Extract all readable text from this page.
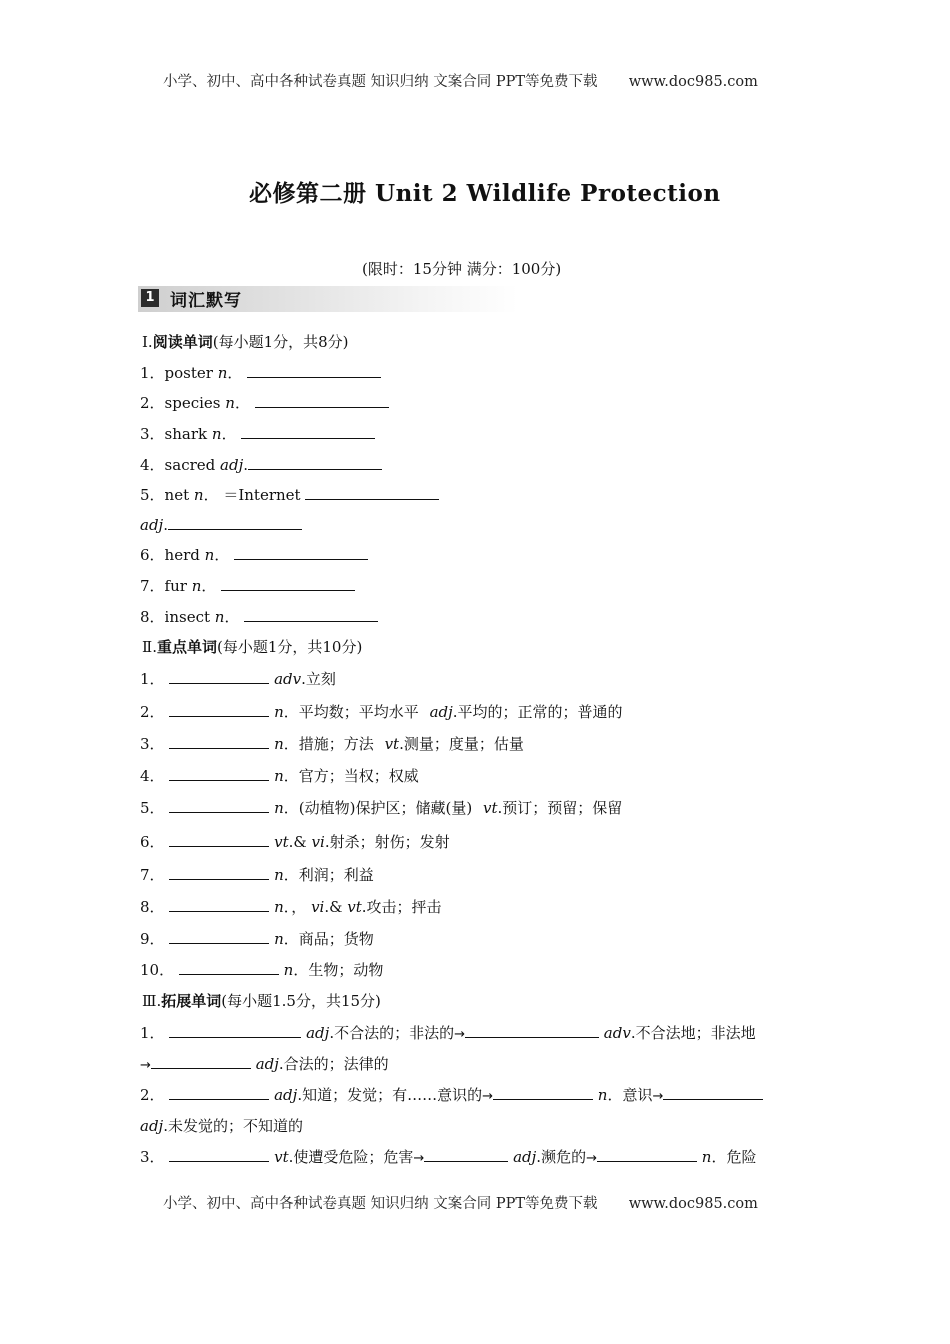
小学、初中、高中各种试卷真题 知识归纳 文案合同 PPT等免费下载 www.doc985.com
必修第二册 Unit 2 Wildlife Protection
(限时：15分钟 满分：100分)
1 词汇默写
Ⅰ.阅读单词(每小题1分，共8分)
1．poster n．
2．species n．
3．shark n．
4．sacred adj.
5．net n． ＝Internet
adj.
6．herd n．
7．fur n．
8．insect n．
Ⅱ.重点单词(每小题1分，共10分)
1．	adv.立刻
2．	n．平均数；平均水平 adj.平均的；正常的；普通的
3．	n．措施；方法 vt.测量；度量；估量
4．	n．官方；当权；权威
5．	n．(动植物)保护区；储藏(量) vt.预订；预留；保留
6．	vt.& vi.射杀；射伤；发射
7．	n．利润；利益
8．	n．， vi.& vt.攻击；抨击
9．	n．商品；货物
10．	n．生物；动物
Ⅲ.拓展单词(每小题1.5分，共15分)
1．	adj.不合法的；非法的→	adv.不合法地；非法地
→	adj.合法的；法律的
2．	adj.知道；发觉；有……意识的→	n．意识→
adj.未发觉的；不知道的
3．	vt.使遭受危险；危害→	adj.濒危的→	n．危险
小学、初中、高中各种试卷真题 知识归纳 文案合同 PPT等免费下载 www.doc985.com
